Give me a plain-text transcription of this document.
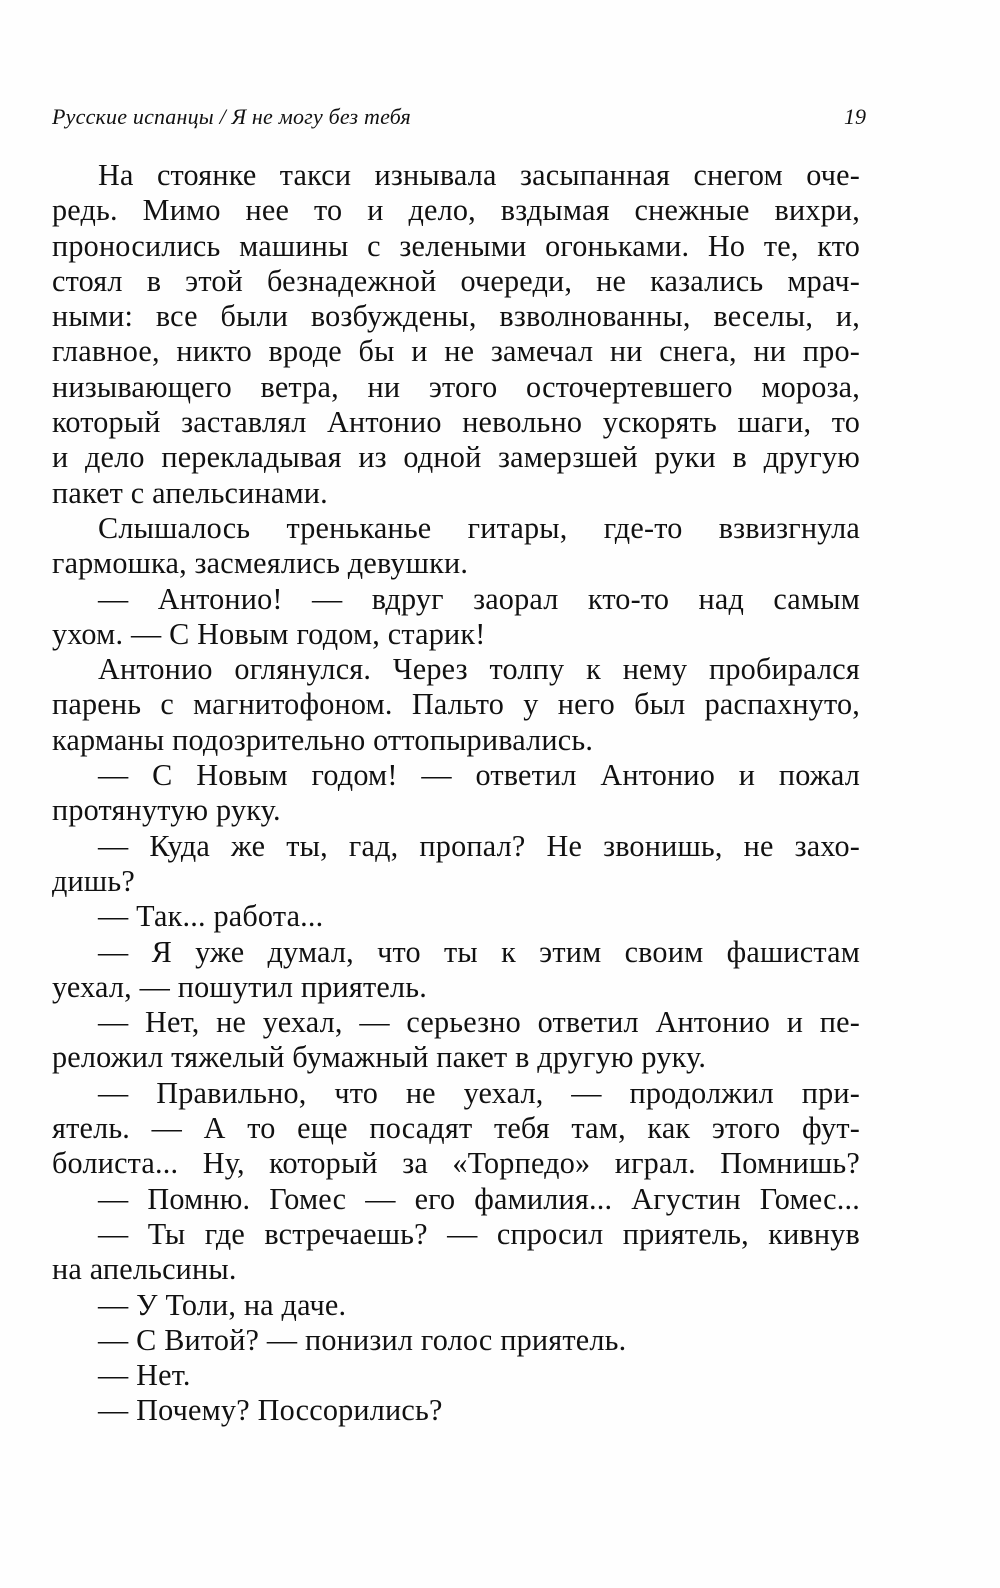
Русские испанцы / Я не могу без тебя	19
На стоянке такси изнывала засыпанная снегом оче-
редь. Мимо нее то и дело, вздымая снежные вихри,
проносились машины с зелеными огоньками. Но те, кто
стоял в этой безнадежной очереди, не казались мрач-
ными: все были возбуждены, взволнованны, веселы, и,
главное, никто вроде бы и не замечал ни снега, ни про-
низывающего ветра, ни этого осточертевшего мороза,
который заставлял Антонио невольно ускорять шаги, то
и дело перекладывая из одной замерзшей руки в другую
пакет с апельсинами.
Слышалось треньканье гитары, где-то взвизгнула
гармошка, засмеялись девушки.
— Антонио! — вдруг заорал кто-то над самым
ухом. — С Новым годом, старик!
Антонио оглянулся. Через толпу к нему пробирался
парень с магнитофоном. Пальто у него был распахнуто,
карманы подозрительно оттопыривались.
— С Новым годом! — ответил Антонио и пожал
протянутую руку.
— Куда же ты, гад, пропал? Не звонишь, не захо-
дишь?
— Так... работа...
— Я уже думал, что ты к этим своим фашистам
уехал, — пошутил приятель.
— Нет, не уехал, — серьезно ответил Антонио и пе-
реложил тяжелый бумажный пакет в другую руку.
— Правильно, что не уехал, — продолжил при-
ятель. — А то еще посадят тебя там, как этого фут-
болиста... Ну, который за «Торпедо» играл. Помнишь?
— Помню. Гомес — его фамилия... Агустин Гомес...
— Ты где встречаешь? — спросил приятель, кивнув
на апельсины.
— У Толи, на даче.
— С Витой? — понизил голос приятель.
— Нет.
— Почему? Поссорились?
